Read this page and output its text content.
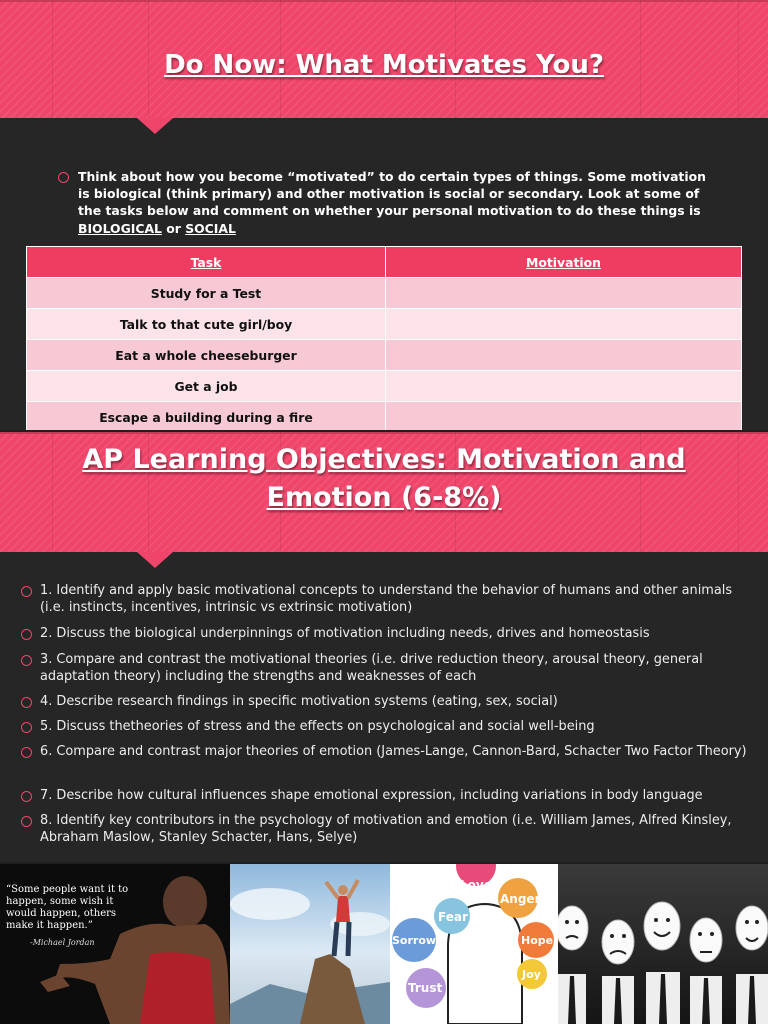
Do Now: What Motivates You?
Think about how you become “motivated” to do certain types of things. Some motivation is biological (think primary) and other motivation is social or secondary. Look at some of the tasks below and comment on whether your personal motivation to do these things is BIOLOGICAL or SOCIAL
Task	Motivation
Study for a Test	
Talk to that cute girl/boy	
Eat a whole cheeseburger	
Get a job	
Escape a building during a fire	
AP Learning Objectives: Motivation and
Emotion (6-8%)
1. Identify and apply basic motivational concepts to understand the behavior of humans and other animals (i.e. instincts, incentives, intrinsic vs extrinsic motivation)
2. Discuss the biological underpinnings of motivation including needs, drives and homeostasis
3. Compare and contrast the motivational theories (i.e. drive reduction theory, arousal theory, general adaptation theory) including the strengths and weaknesses of each
4. Describe research findings in specific motivation systems (eating, sex, social)
5. Discuss thetheories of stress and the effects on psychological and social well-being
6. Compare and contrast major theories of emotion (James-Lange, Cannon-Bard, Schacter Two Factor Theory)
7. Describe how cultural influences shape emotional expression, including variations in body language
8. Identify key contributors in the psychology of motivation and emotion (i.e. William James, Alfred Kinsley, Abraham Maslow, Stanley Schacter, Hans, Selye)
“Some people want it to happen, some wish it would happen, others make it happen.”
-Michael Jordan
Love
Anger
Fear
Sorrow	Hope
Joy
Trust
